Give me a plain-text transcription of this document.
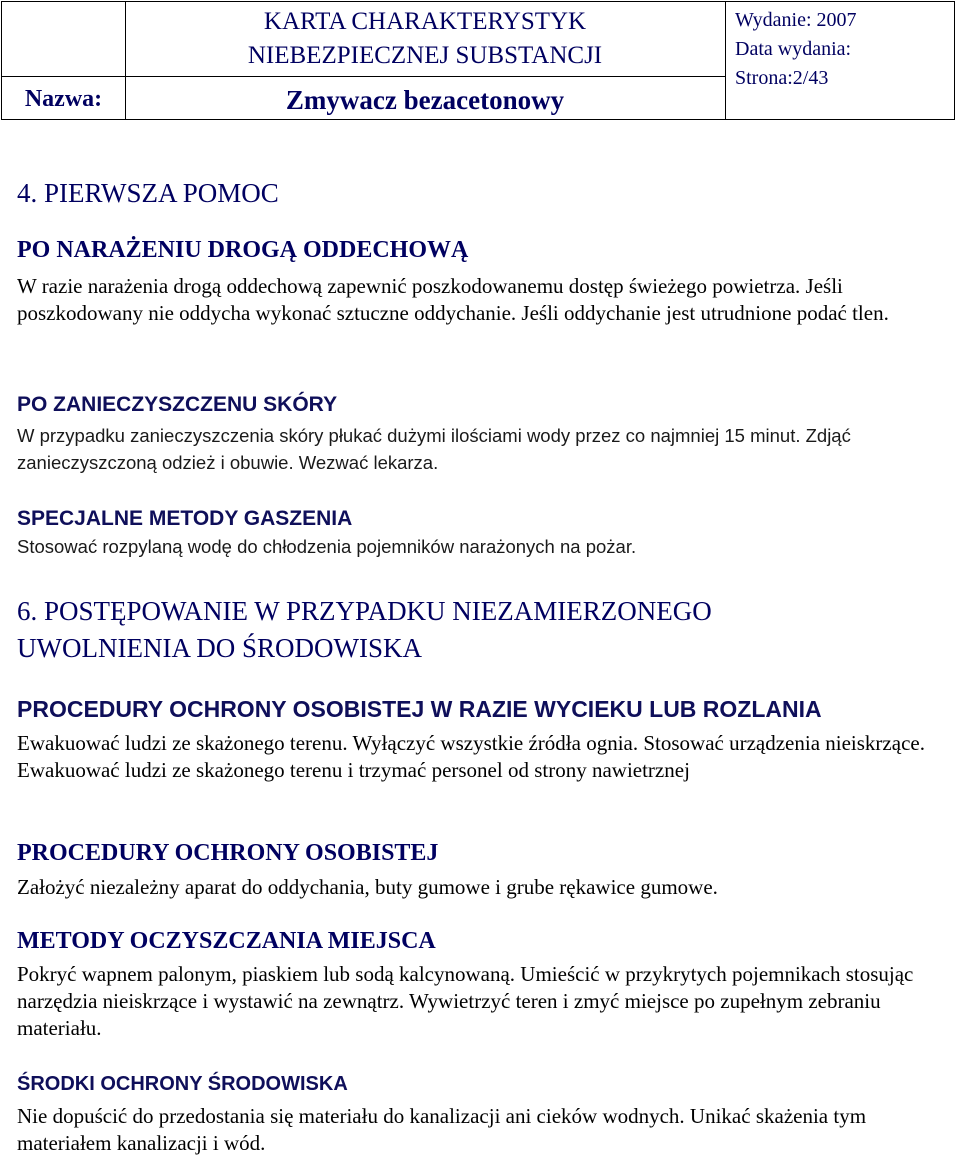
KARTA CHARAKTERYSTYK
NIEBEZPIECZNEJ SUBSTANCJI
Nazwa:	Zmywacz bezacetonowy
Wydanie: 2007
Data wydania:
Strona:2/43
4. PIERWSZA POMOC
PO NARAŻENIU DROGĄ ODDECHOWĄ

W razie narażenia drogą oddechową zapewnić poszkodowanemu dostęp świeżego powietrza. Jeśli poszkodowany nie oddycha wykonać sztuczne oddychanie. Jeśli oddychanie jest utrudnione podać tlen.

PO ZANIECZYSZCZENU SKÓRY

W przypadku zanieczyszczenia skóry płukać dużymi ilościami wody przez co najmniej 15 minut. Zdjąć zanieczyszczoną odzież i obuwie. Wezwać lekarza.

SPECJALNE METODY GASZENIA

Stosować rozpylaną wodę do chłodzenia pojemników narażonych na pożar.

6. POSTĘPOWANIE W PRZYPADKU NIEZAMIERZONEGO
UWOLNIENIA DO ŚRODOWISKA
PROCEDURY OCHRONY OSOBISTEJ W RAZIE WYCIEKU LUB ROZLANIA

Ewakuować ludzi ze skażonego terenu. Wyłączyć wszystkie źródła ognia. Stosować urządzenia nieiskrzące. Ewakuować ludzi ze skażonego terenu i trzymać personel od strony nawietrznej

PROCEDURY OCHRONY OSOBISTEJ

Założyć niezależny aparat do oddychania, buty gumowe i grube rękawice gumowe.

METODY OCZYSZCZANIA MIEJSCA

Pokryć wapnem palonym, piaskiem lub sodą kalcynowaną. Umieścić w przykrytych pojemnikach stosując narzędzia nieiskrzące i wystawić na zewnątrz. Wywietrzyć teren i zmyć miejsce po zupełnym zebraniu materiału.

ŚRODKI OCHRONY ŚRODOWISKA

Nie dopuścić do przedostania się materiału do kanalizacji ani cieków wodnych. Unikać skażenia tym materiałem kanalizacji i wód.
